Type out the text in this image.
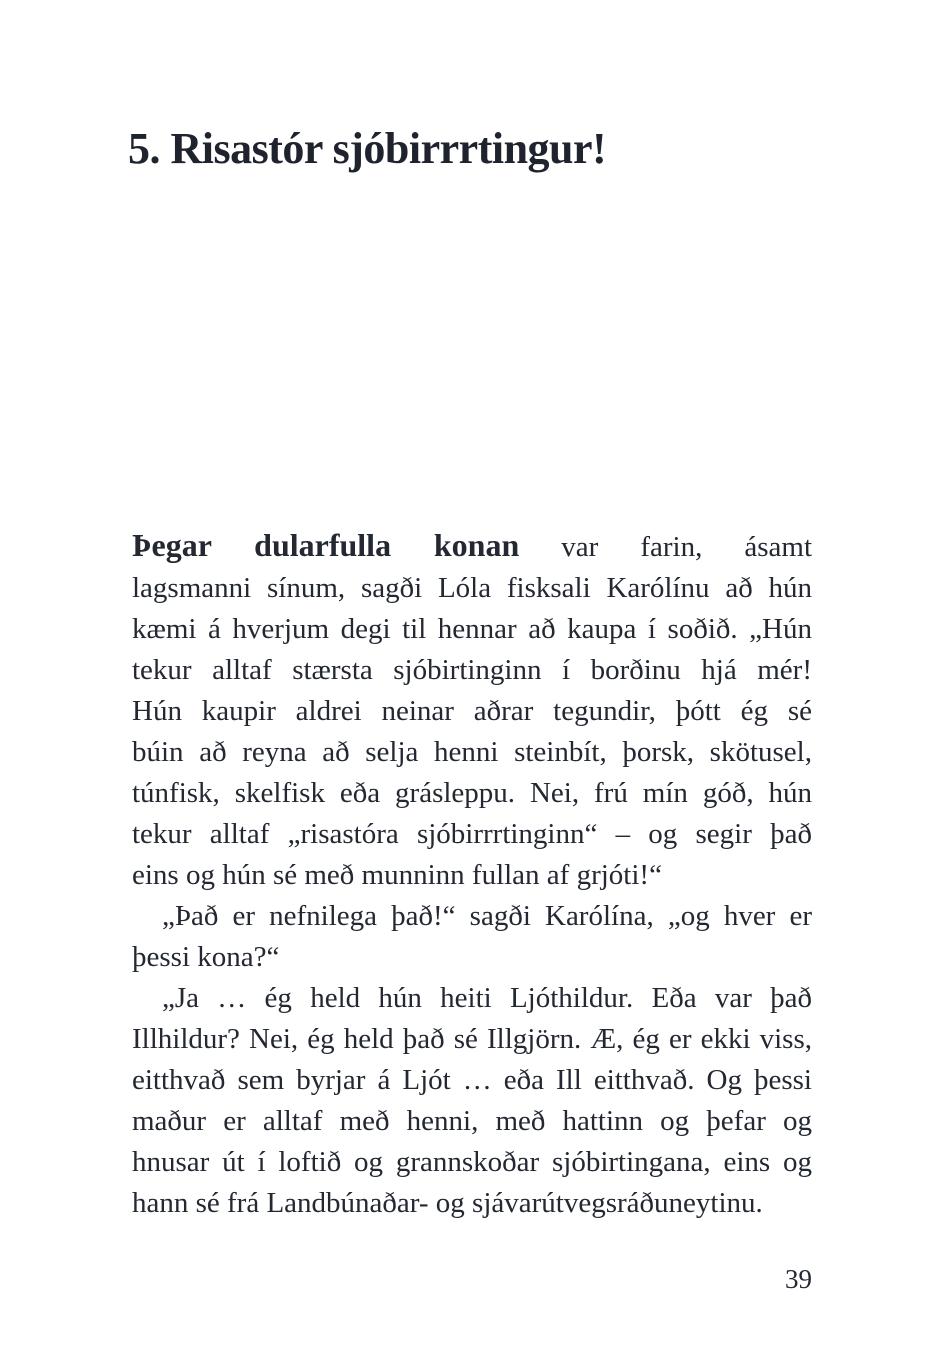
5. Risastór sjóbirrrtingur!
Þegar dularfulla konan var farin, ásamt
lagsmanni sínum, sagði Lóla fisksali Karólínu að hún
kæmi á hverjum degi til hennar að kaupa í soðið. „Hún
tekur alltaf stærsta sjóbirtinginn í borðinu hjá mér!
Hún kaupir aldrei neinar aðrar tegundir, þótt ég sé
búin að reyna að selja henni steinbít, þorsk, skötusel,
túnfisk, skelfisk eða grásleppu. Nei, frú mín góð, hún
tekur alltaf „risastóra sjóbirrrtinginn“ – og segir það
eins og hún sé með munninn fullan af grjóti!“
„Það er nefnilega það!“ sagði Karólína, „og hver er
þessi kona?“
„Ja … ég held hún heiti Ljóthildur. Eða var það
Illhildur? Nei, ég held það sé Illgjörn. Æ, ég er ekki viss,
eitthvað sem byrjar á Ljót … eða Ill eitthvað. Og þessi
maður er alltaf með henni, með hattinn og þefar og
hnusar út í loftið og grannskoðar sjóbirtingana, eins og
hann sé frá Landbúnaðar- og sjávarútvegsráðuneytinu.
39
